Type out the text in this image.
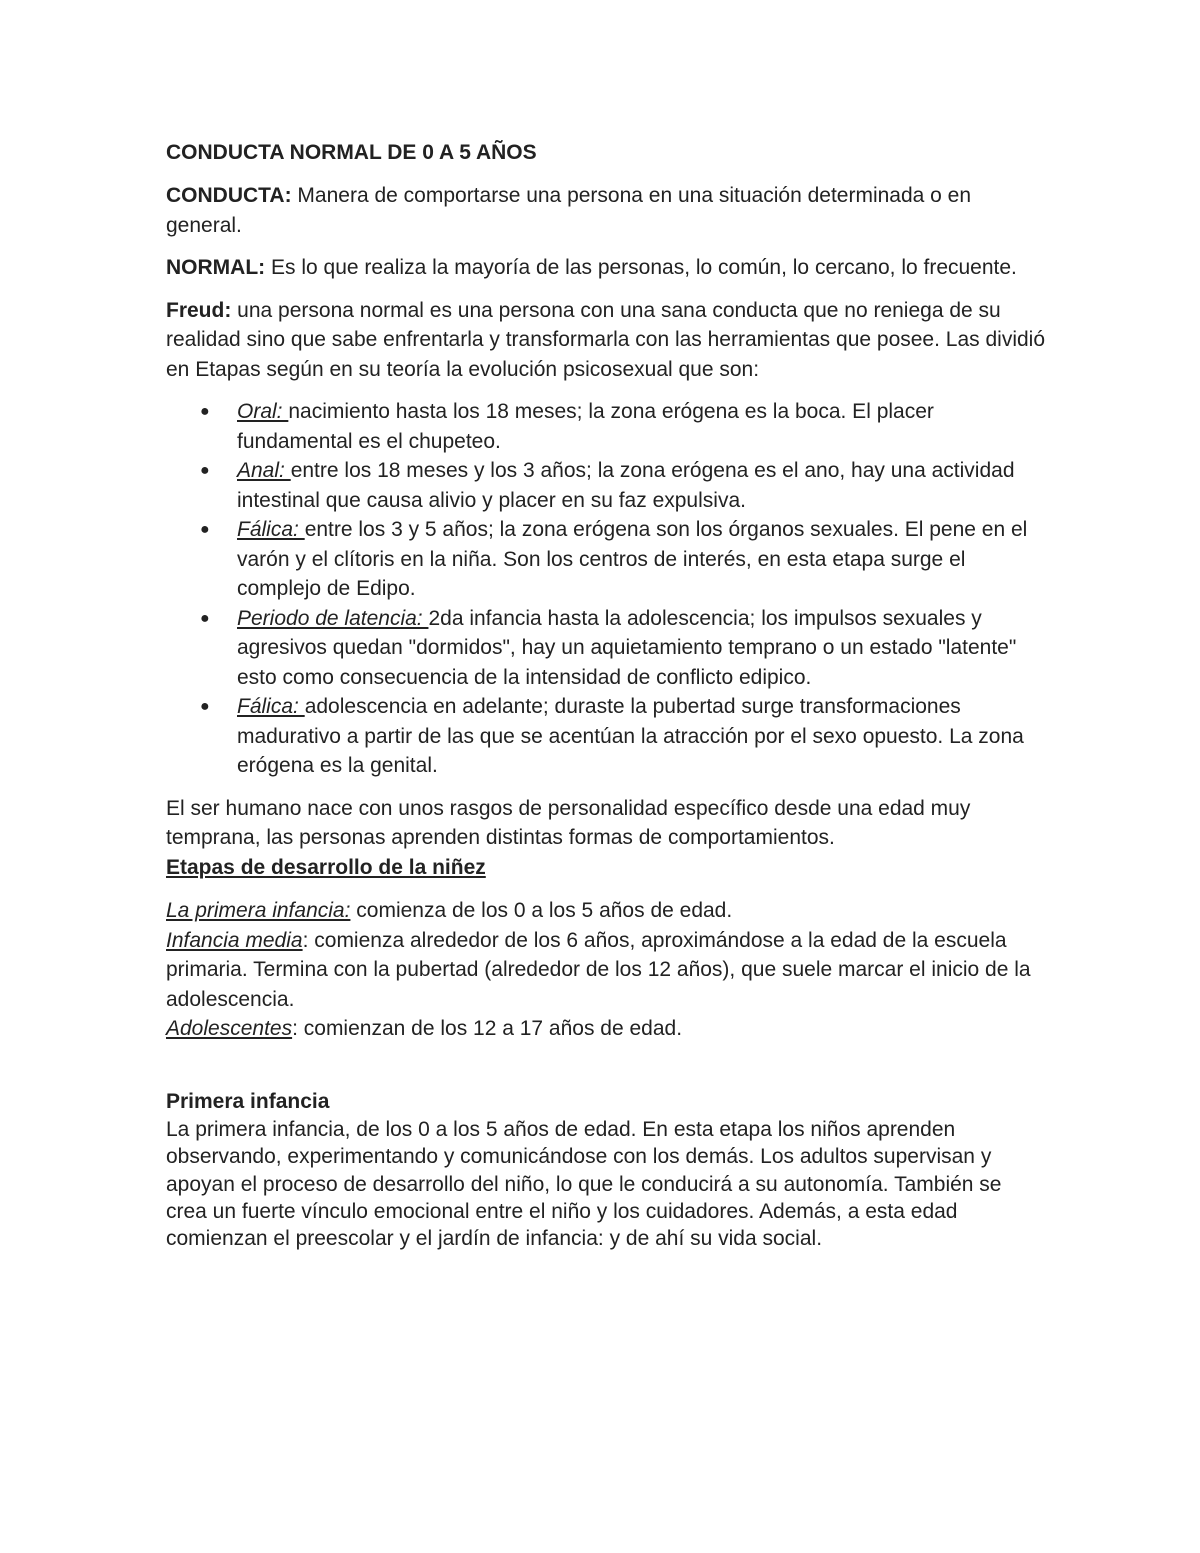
CONDUCTA NORMAL DE 0 A 5 AÑOS

CONDUCTA: Manera de comportarse una persona en una situación determinada o en general.

NORMAL: Es lo que realiza la mayoría de las personas, lo común, lo cercano, lo frecuente.

Freud: una persona normal es una persona con una sana conducta que no reniega de su realidad sino que sabe enfrentarla y transformarla con las herramientas que posee. Las dividió en Etapas según en su teoría la evolución psicosexual que son:

● Oral: nacimiento hasta los 18 meses; la zona erógena es la boca. El placer fundamental es el chupeteo.
● Anal: entre los 18 meses y los 3 años; la zona erógena es el ano, hay una actividad intestinal que causa alivio y placer en su faz expulsiva.
● Fálica: entre los 3 y 5 años; la zona erógena son los órganos sexuales. El pene en el varón y el clítoris en la niña. Son los centros de interés, en esta etapa surge el complejo de Edipo.
● Periodo de latencia: 2da infancia hasta la adolescencia; los impulsos sexuales y agresivos quedan "dormidos", hay un aquietamiento temprano o un estado "latente" esto como consecuencia de la intensidad de conflicto edipico.
● Fálica: adolescencia en adelante; duraste la pubertad surge transformaciones madurativo a partir de las que se acentúan la atracción por el sexo opuesto. La zona erógena es la genital.

El ser humano nace con unos rasgos de personalidad específico desde una edad muy temprana, las personas aprenden distintas formas de comportamientos.

Etapas de desarrollo de la niñez

La primera infancia: comienza de los 0 a los 5 años de edad.

Infancia media: comienza alrededor de los 6 años, aproximándose a la edad de la escuela primaria. Termina con la pubertad (alrededor de los 12 años), que suele marcar el inicio de la adolescencia.

Adolescentes: comienzan de los 12 a 17 años de edad.

Primera infancia

La primera infancia, de los 0 a los 5 años de edad. En esta etapa los niños aprenden observando, experimentando y comunicándose con los demás. Los adultos supervisan y apoyan el proceso de desarrollo del niño, lo que le conducirá a su autonomía. También se crea un fuerte vínculo emocional entre el niño y los cuidadores. Además, a esta edad comienzan el preescolar y el jardín de infancia: y de ahí su vida social.
